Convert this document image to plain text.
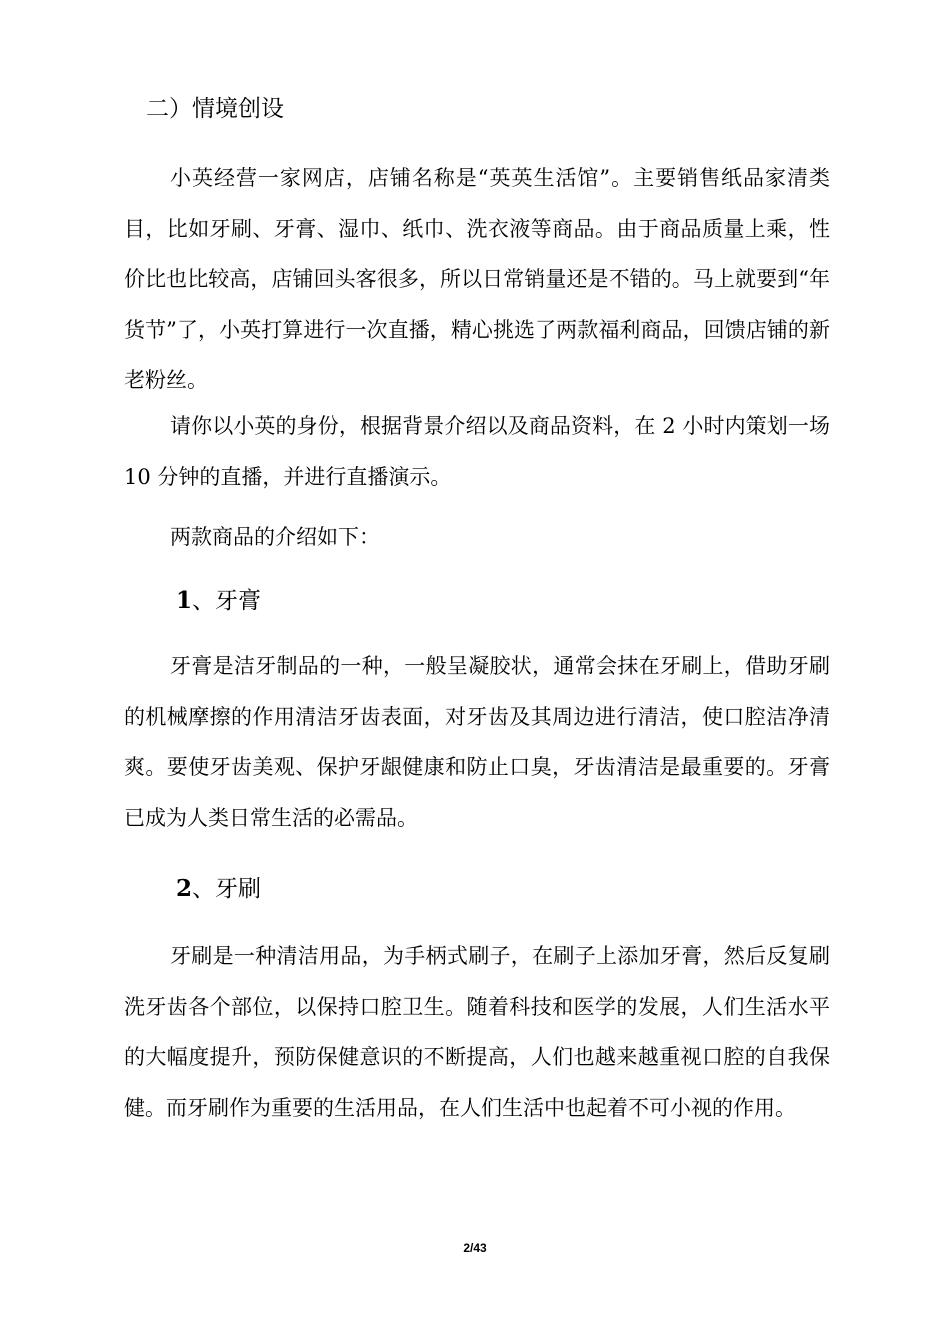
二）情境创设

小英经营一家网店，店铺名称是“英英生活馆”。主要销售纸品家清类目，比如牙刷、牙膏、湿巾、纸巾、洗衣液等商品。由于商品质量上乘，性价比也比较高，店铺回头客很多，所以日常销量还是不错的。马上就要到“年货节”了，小英打算进行一次直播，精心挑选了两款福利商品，回馈店铺的新老粉丝。

请你以小英的身份，根据背景介绍以及商品资料，在 2 小时内策划一场 10 分钟的直播，并进行直播演示。

两款商品的介绍如下：

1、牙膏

牙膏是洁牙制品的一种，一般呈凝胶状，通常会抹在牙刷上，借助牙刷的机械摩擦的作用清洁牙齿表面，对牙齿及其周边进行清洁，使口腔洁净清爽。要使牙齿美观、保护牙龈健康和防止口臭，牙齿清洁是最重要的。牙膏已成为人类日常生活的必需品。

2、牙刷

牙刷是一种清洁用品，为手柄式刷子，在刷子上添加牙膏，然后反复刷洗牙齿各个部位，以保持口腔卫生。随着科技和医学的发展，人们生活水平的大幅度提升，预防保健意识的不断提高，人们也越来越重视口腔的自我保健。而牙刷作为重要的生活用品，在人们生活中也起着不可小视的作用。

2/43
